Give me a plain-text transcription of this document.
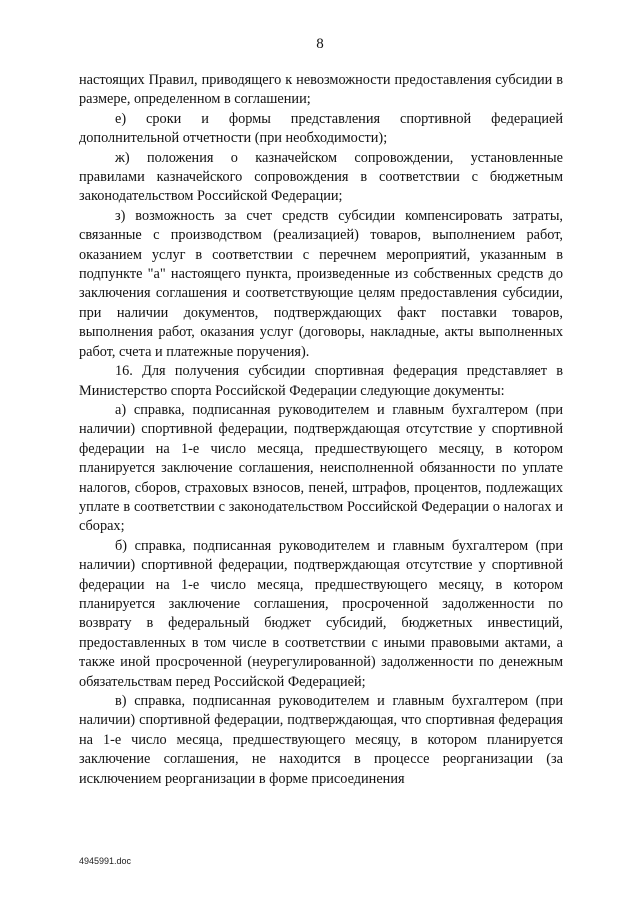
8

настоящих Правил, приводящего к невозможности предоставления субсидии в размере, определенном в соглашении;

е) сроки и формы представления спортивной федерацией дополнительной отчетности (при необходимости);

ж) положения о казначейском сопровождении, установленные правилами казначейского сопровождения в соответствии с бюджетным законодательством Российской Федерации;

з) возможность за счет средств субсидии компенсировать затраты, связанные с производством (реализацией) товаров, выполнением работ, оказанием услуг в соответствии с перечнем мероприятий, указанным в подпункте "а" настоящего пункта, произведенные из собственных средств до заключения соглашения и соответствующие целям предоставления субсидии, при наличии документов, подтверждающих факт поставки товаров, выполнения работ, оказания услуг (договоры, накладные, акты выполненных работ, счета и платежные поручения).

16. Для получения субсидии спортивная федерация представляет в Министерство спорта Российской Федерации следующие документы:

а) справка, подписанная руководителем и главным бухгалтером (при наличии) спортивной федерации, подтверждающая отсутствие у спортивной федерации на 1-е число месяца, предшествующего месяцу, в котором планируется заключение соглашения, неисполненной обязанности по уплате налогов, сборов, страховых взносов, пеней, штрафов, процентов, подлежащих уплате в соответствии с законодательством Российской Федерации о налогах и сборах;

б) справка, подписанная руководителем и главным бухгалтером (при наличии) спортивной федерации, подтверждающая отсутствие у спортивной федерации на 1-е число месяца, предшествующего месяцу, в котором планируется заключение соглашения, просроченной задолженности по возврату в федеральный бюджет субсидий, бюджетных инвестиций, предоставленных в том числе в соответствии с иными правовыми актами, а также иной просроченной (неурегулированной) задолженности по денежным обязательствам перед Российской Федерацией;

в) справка, подписанная руководителем и главным бухгалтером (при наличии) спортивной федерации, подтверждающая, что спортивная федерация на 1-е число месяца, предшествующего месяцу, в котором планируется заключение соглашения, не находится в процессе реорганизации (за исключением реорганизации в форме присоединения

4945991.doc
